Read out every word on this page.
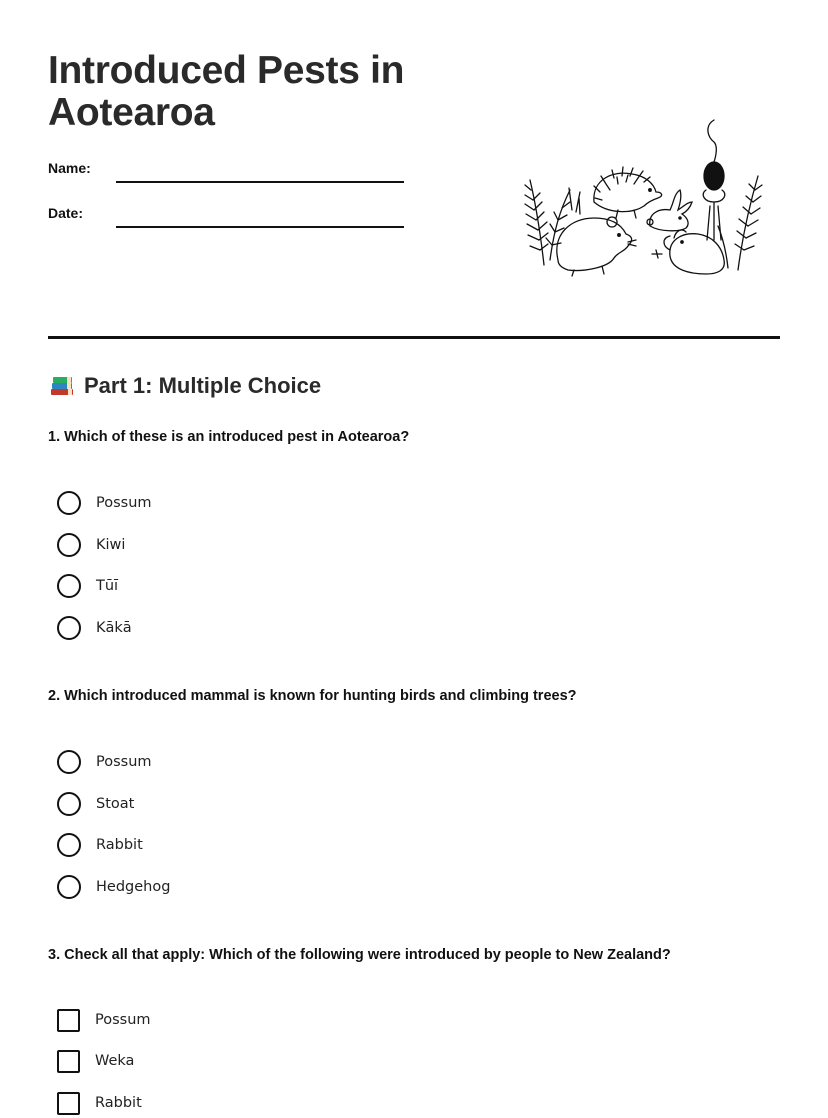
Introduced Pests in Aotearoa
Name:
Date:
Part 1: Multiple Choice
1. Which of these is an introduced pest in Aotearoa?
Possum
Kiwi
Tūī
Kākā
2. Which introduced mammal is known for hunting birds and climbing trees?
Possum
Stoat
Rabbit
Hedgehog
3. Check all that apply: Which of the following were introduced by people to New Zealand?
Possum
Weka
Rabbit
